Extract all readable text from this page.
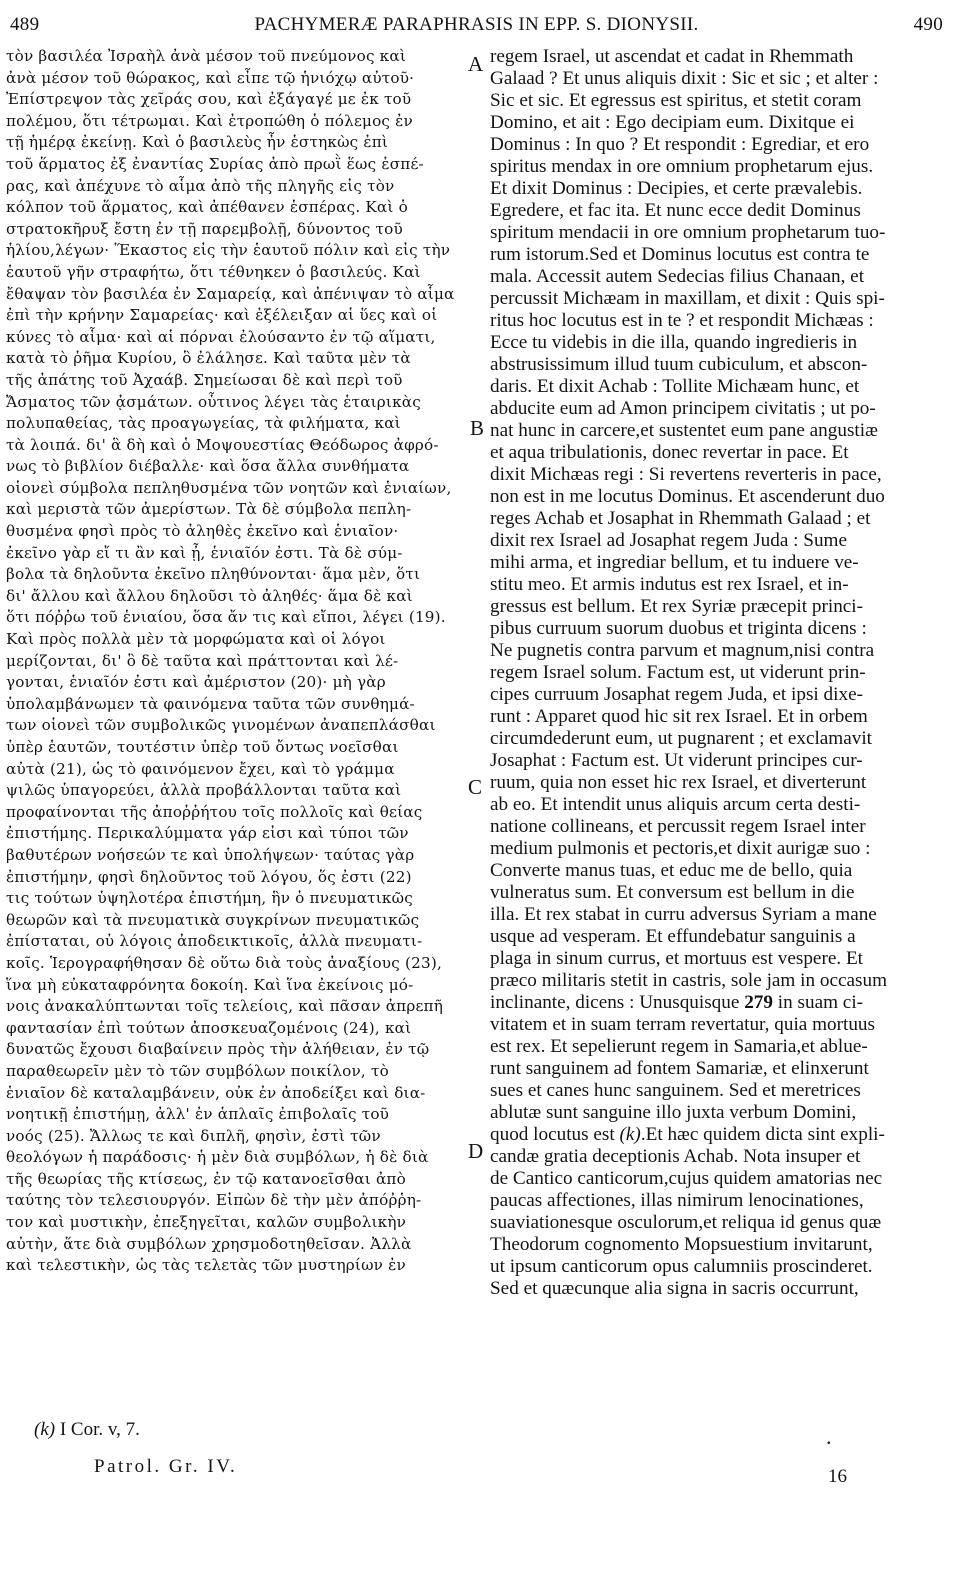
489	PACHYMERÆ PARAPHRASIS IN EPP. S. DIONYSII.	490
τὸν βασιλέα Ἰσραὴλ ἀνὰ μέσον τοῦ πνεύμονος καὶ
ἀνὰ μέσον τοῦ θώρακος, καὶ εἶπε τῷ ἡνιόχῳ αὐτοῦ·
Ἐπίστρεψον τὰς χεῖράς σου, καὶ ἐξάγαγέ με ἐκ τοῦ
πολέμου, ὅτι τέτρωμαι. Καὶ ἐτροπώθη ὁ πόλεμος ἐν
τῇ ἡμέρᾳ ἐκείνῃ. Καὶ ὁ βασιλεὺς ἦν ἑστηκὼς ἐπὶ
τοῦ ἅρματος ἐξ ἐναντίας Συρίας ἀπὸ πρωῒ ἕως ἑσπέ-
ρας, καὶ ἀπέχυνε τὸ αἷμα ἀπὸ τῆς πληγῆς εἰς τὸν
κόλπον τοῦ ἅρματος, καὶ ἀπέθανεν ἑσπέρας. Καὶ ὁ
στρατοκῆρυξ ἔστη ἐν τῇ παρεμβολῇ, δύνοντος τοῦ
ἡλίου,λέγων· Ἕκαστος εἰς τὴν ἑαυτοῦ πόλιν καὶ εἰς τὴν
ἑαυτοῦ γῆν στραφήτω, ὅτι τέθνηκεν ὁ βασιλεύς. Καὶ
ἔθαψαν τὸν βασιλέα ἐν Σαμαρείᾳ, καὶ ἀπένιψαν τὸ αἷμα
ἐπὶ τὴν κρήνην Σαμαρείας· καὶ ἐξέλειξαν αἱ ὕες καὶ οἱ
κύνες τὸ αἷμα· καὶ αἱ πόρναι ἐλούσαντο ἐν τῷ αἵματι,
κατὰ τὸ ῥῆμα Κυρίου, ὃ ἐλάλησε. Καὶ ταῦτα μὲν τὰ
τῆς ἀπάτης τοῦ Ἀχαάβ. Σημείωσαι δὲ καὶ περὶ τοῦ
Ἄσματος τῶν ᾀσμάτων. οὗτινος λέγει τὰς ἑταιρικὰς
πολυπαθείας, τὰς προαγωγείας, τὰ φιλήματα, καὶ
τὰ λοιπά. δι' ἃ δὴ καὶ ὁ Μοψουεστίας Θεόδωρος ἀφρό-
νως τὸ βιβλίον διέβαλλε· καὶ ὅσα ἄλλα συνθήματα
οἱονεὶ σύμβολα πεπληθυσμένα τῶν νοητῶν καὶ ἑνιαίων,
καὶ μεριστὰ τῶν ἀμερίστων. Τὰ δὲ σύμβολα πεπλη-
θυσμένα φησὶ πρὸς τὸ ἀληθὲς ἐκεῖνο καὶ ἑνιαῖον·
ἐκεῖνο γὰρ εἴ τι ἂν καὶ ᾖ, ἑνιαῖόν ἐστι. Τὰ δὲ σύμ-
βολα τὰ δηλοῦντα ἐκεῖνο πληθύνονται· ἅμα μὲν, ὅτι
δι' ἄλλου καὶ ἄλλου δηλοῦσι τὸ ἀληθές· ἅμα δὲ καὶ
ὅτι πόῤῥω τοῦ ἑνιαίου, ὅσα ἄν τις καὶ εἴποι, λέγει (19).
Καὶ πρὸς πολλὰ μὲν τὰ μορφώματα καὶ οἱ λόγοι
μερίζονται, δι' ὃ δὲ ταῦτα καὶ πράττονται καὶ λέ-
γονται, ἑνιαῖόν ἐστι καὶ ἀμέριστον (20)· μὴ γὰρ
ὑπολαμβάνωμεν τὰ φαινόμενα ταῦτα τῶν συνθημά-
των οἱονεὶ τῶν συμβολικῶς γινομένων ἀναπεπλάσθαι
ὑπὲρ ἑαυτῶν, τουτέστιν ὑπὲρ τοῦ ὄντως νοεῖσθαι
αὐτὰ (21), ὡς τὸ φαινόμενον ἔχει, καὶ τὸ γράμμα
ψιλῶς ὑπαγορεύει, ἀλλὰ προβάλλονται ταῦτα καὶ
προφαίνονται τῆς ἀποῤῥήτου τοῖς πολλοῖς καὶ θείας
ἐπιστήμης. Περικαλύμματα γάρ εἰσι καὶ τύποι τῶν
βαθυτέρων νοήσεών τε καὶ ὑπολήψεων· ταύτας γὰρ
ἐπιστήμην, φησὶ δηλοῦντος τοῦ λόγου, ὅς ἐστι (22)
τις τούτων ὑψηλοτέρα ἐπιστήμη, ἣν ὁ πνευματικῶς
θεωρῶν καὶ τὰ πνευματικὰ συγκρίνων πνευματικῶς
ἐπίσταται, οὐ λόγοις ἀποδεικτικοῖς, ἀλλὰ πνευματι-
κοῖς. Ἱερογραφήθησαν δὲ οὕτω διὰ τοὺς ἀναξίους (23),
ἵνα μὴ εὐκαταφρόνητα δοκοίη. Καὶ ἵνα ἐκείνοις μό-
νοις ἀνακαλύπτωνται τοῖς τελείοις, καὶ πᾶσαν ἀπρεπῆ
φαντασίαν ἐπὶ τούτων ἀποσκευαζομένοις (24), καὶ
δυνατῶς ἔχουσι διαβαίνειν πρὸς τὴν ἀλήθειαν, ἐν τῷ
παραθεωρεῖν μὲν τὸ τῶν συμβόλων ποικίλον, τὸ
ἑνιαῖον δὲ καταλαμβάνειν, οὐκ ἐν ἀποδείξει καὶ δια-
νοητικῇ ἐπιστήμῃ, ἀλλ' ἐν ἁπλαῖς ἐπιβολαῖς τοῦ
νοός (25). Ἄλλως τε καὶ διπλῆ, φησὶν, ἐστὶ τῶν
θεολόγων ἡ παράδοσις· ἡ μὲν διὰ συμβόλων, ἡ δὲ διὰ
τῆς θεωρίας τῆς κτίσεως, ἐν τῷ κατανοεῖσθαι ἀπὸ
ταύτης τὸν τελεσιουργόν. Εἰπὼν δὲ τὴν μὲν ἀπόῤῥη-
τον καὶ μυστικὴν, ἐπεξηγεῖται, καλῶν συμβολικὴν
αὐτὴν, ἅτε διὰ συμβόλων χρησμοδοτηθεῖσαν. Ἀλλὰ
καὶ τελεστικὴν, ὡς τὰς τελετὰς τῶν μυστηρίων ἐν
regem Israel, ut ascendat et cadat in Rhemmath
Galaad ? Et unus aliquis dixit : Sic et sic ; et alter :
Sic et sic. Et egressus est spiritus, et stetit coram
Domino, et ait : Ego decipiam eum. Dixitque ei
Dominus : In quo ? Et respondit : Egrediar, et ero
spiritus mendax in ore omnium prophetarum ejus.
Et dixit Dominus : Decipies, et certe prævalebis.
Egredere, et fac ita. Et nunc ecce dedit Dominus
spiritum mendacii in ore omnium prophetarum tuo-
rum istorum.Sed et Dominus locutus est contra te
mala. Accessit autem Sedecias filius Chanaan, et
percussit Michæam in maxillam, et dixit : Quis spi-
ritus hoc locutus est in te ? et respondit Michæas :
Ecce tu videbis in die illa, quando ingredieris in
abstrusissimum illud tuum cubiculum, et abscon-
daris. Et dixit Achab : Tollite Michæam hunc, et
abducite eum ad Amon principem civitatis ; ut po-
nat hunc in carcere,et sustentet eum pane angustiæ
et aqua tribulationis, donec revertar in pace. Et
dixit Michæas regi : Si revertens reverteris in pace,
non est in me locutus Dominus. Et ascenderunt duo
reges Achab et Josaphat in Rhemmath Galaad ; et
dixit rex Israel ad Josaphat regem Juda : Sume
mihi arma, et ingrediar bellum, et tu induere ve-
stitu meo. Et armis indutus est rex Israel, et in-
gressus est bellum. Et rex Syriæ præcepit princi-
pibus curruum suorum duobus et triginta dicens :
Ne pugnetis contra parvum et magnum,nisi contra
regem Israel solum. Factum est, ut viderunt prin-
cipes curruum Josaphat regem Juda, et ipsi dixe-
runt : Apparet quod hic sit rex Israel. Et in orbem
circumdederunt eum, ut pugnarent ; et exclamavit
Josaphat : Factum est. Ut viderunt principes cur-
ruum, quia non esset hic rex Israel, et diverterunt
ab eo. Et intendit unus aliquis arcum certa desti-
natione collineans, et percussit regem Israel inter
medium pulmonis et pectoris,et dixit aurigæ suo :
Converte manus tuas, et educ me de bello, quia
vulneratus sum. Et conversum est bellum in die
illa. Et rex stabat in curru adversus Syriam a mane
usque ad vesperam. Et effundebatur sanguinis a
plaga in sinum currus, et mortuus est vespere. Et
præco militaris stetit in castris, sole jam in occasum
inclinante, dicens : Unusquisque 279 in suam ci-
vitatem et in suam terram revertatur, quia mortuus
est rex. Et sepelierunt regem in Samaria,et ablue-
runt sanguinem ad fontem Samariæ, et elinxerunt
sues et canes hunc sanguinem. Sed et meretrices
ablutæ sunt sanguine illo juxta verbum Domini,
quod locutus est (k).Et hæc quidem dicta sint expli-
candæ gratia deceptionis Achab. Nota insuper et
de Cantico canticorum,cujus quidem amatorias nec
paucas affectiones, illas nimirum lenocinationes,
suaviationesque osculorum,et reliqua id genus quæ
Theodorum cognomento Mopsuestium invitarunt,
ut ipsum canticorum opus calumniis proscinderet.
Sed et quæcunque alia signa in sacris occurrunt,
A
B
C
D
(k) I Cor. v, 7.	.
Patrol. Gr. IV.	16
